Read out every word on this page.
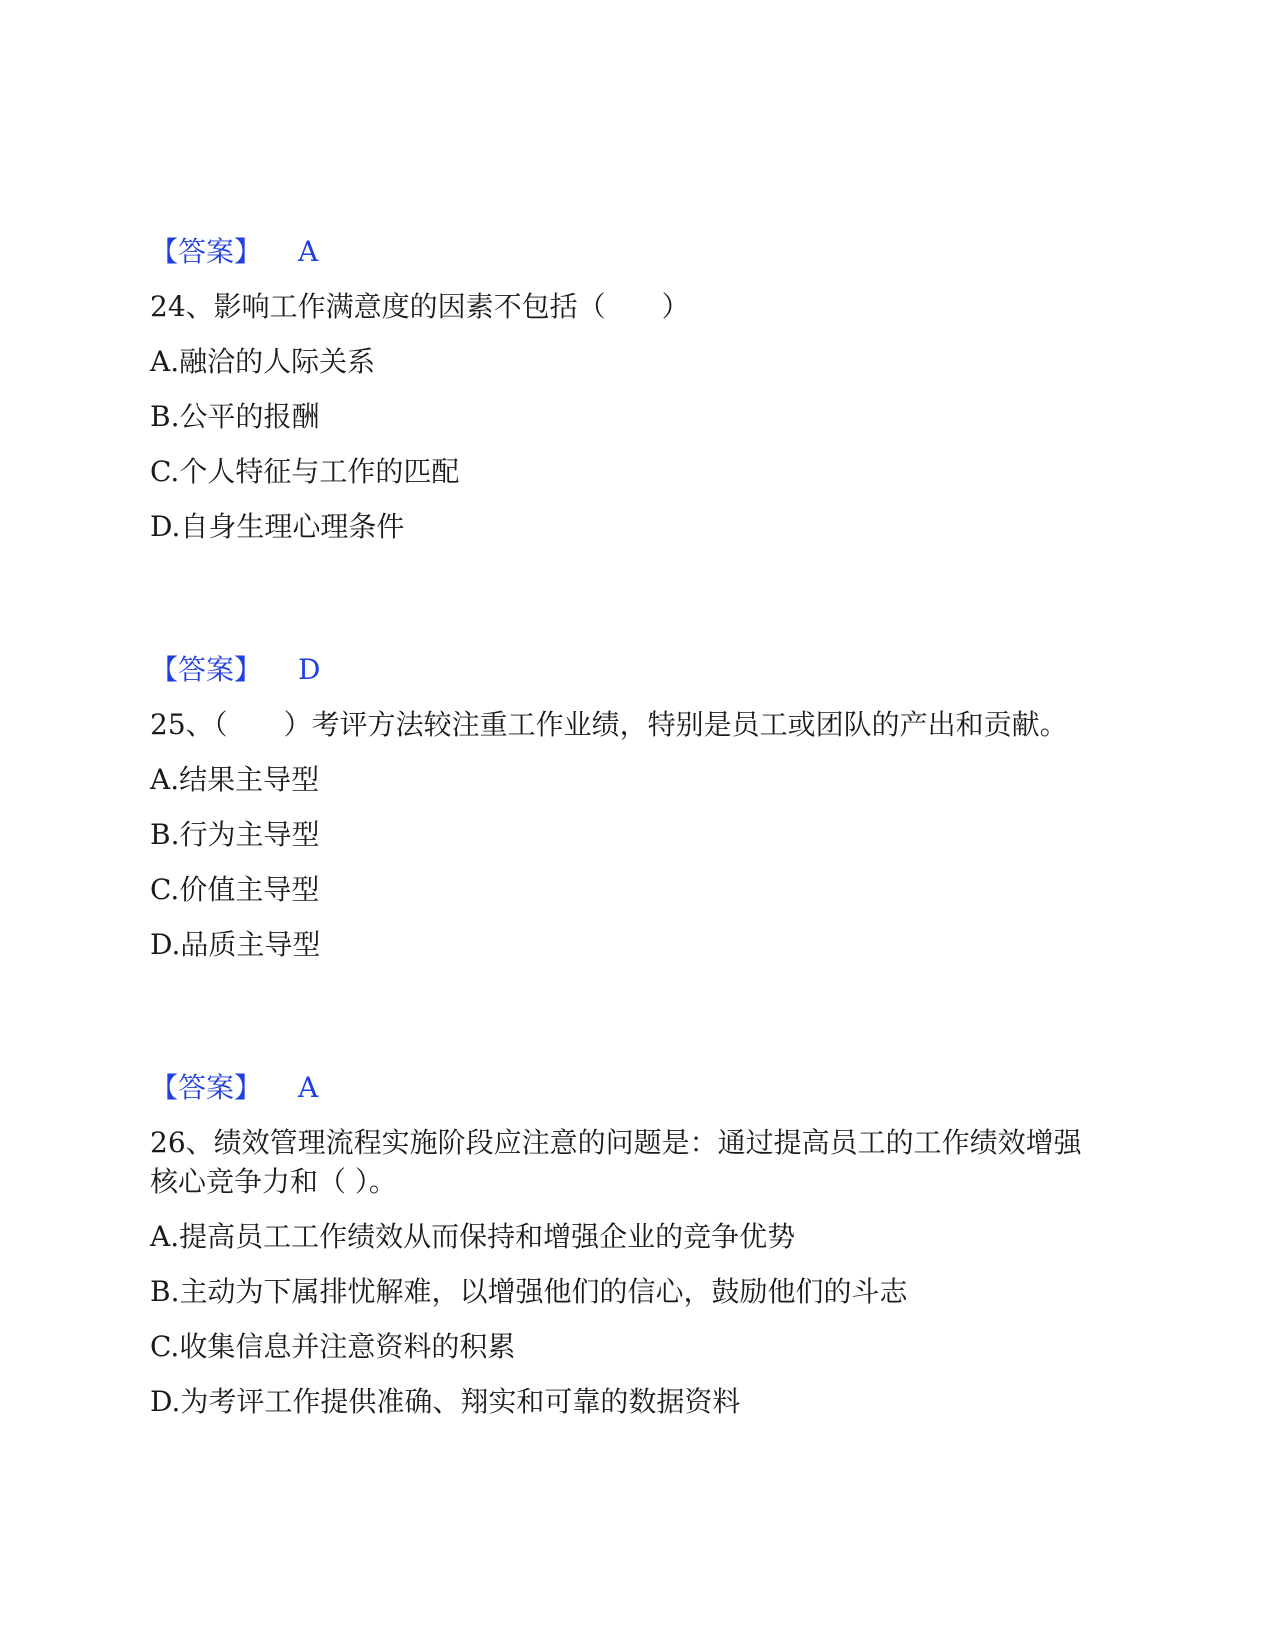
【答案】 A
24、影响工作满意度的因素不包括（　　）
A.融洽的人际关系
B.公平的报酬
C.个人特征与工作的匹配
D.自身生理心理条件
【答案】 D
25、（　　）考评方法较注重工作业绩，特别是员工或团队的产出和贡献。
A.结果主导型
B.行为主导型
C.价值主导型
D.品质主导型
【答案】 A
26、绩效管理流程实施阶段应注意的问题是：通过提高员工的工作绩效增强
核心竞争力和（ ）。
A.提高员工工作绩效从而保持和增强企业的竞争优势
B.主动为下属排忧解难，以增强他们的信心，鼓励他们的斗志
C.收集信息并注意资料的积累
D.为考评工作提供准确、翔实和可靠的数据资料
